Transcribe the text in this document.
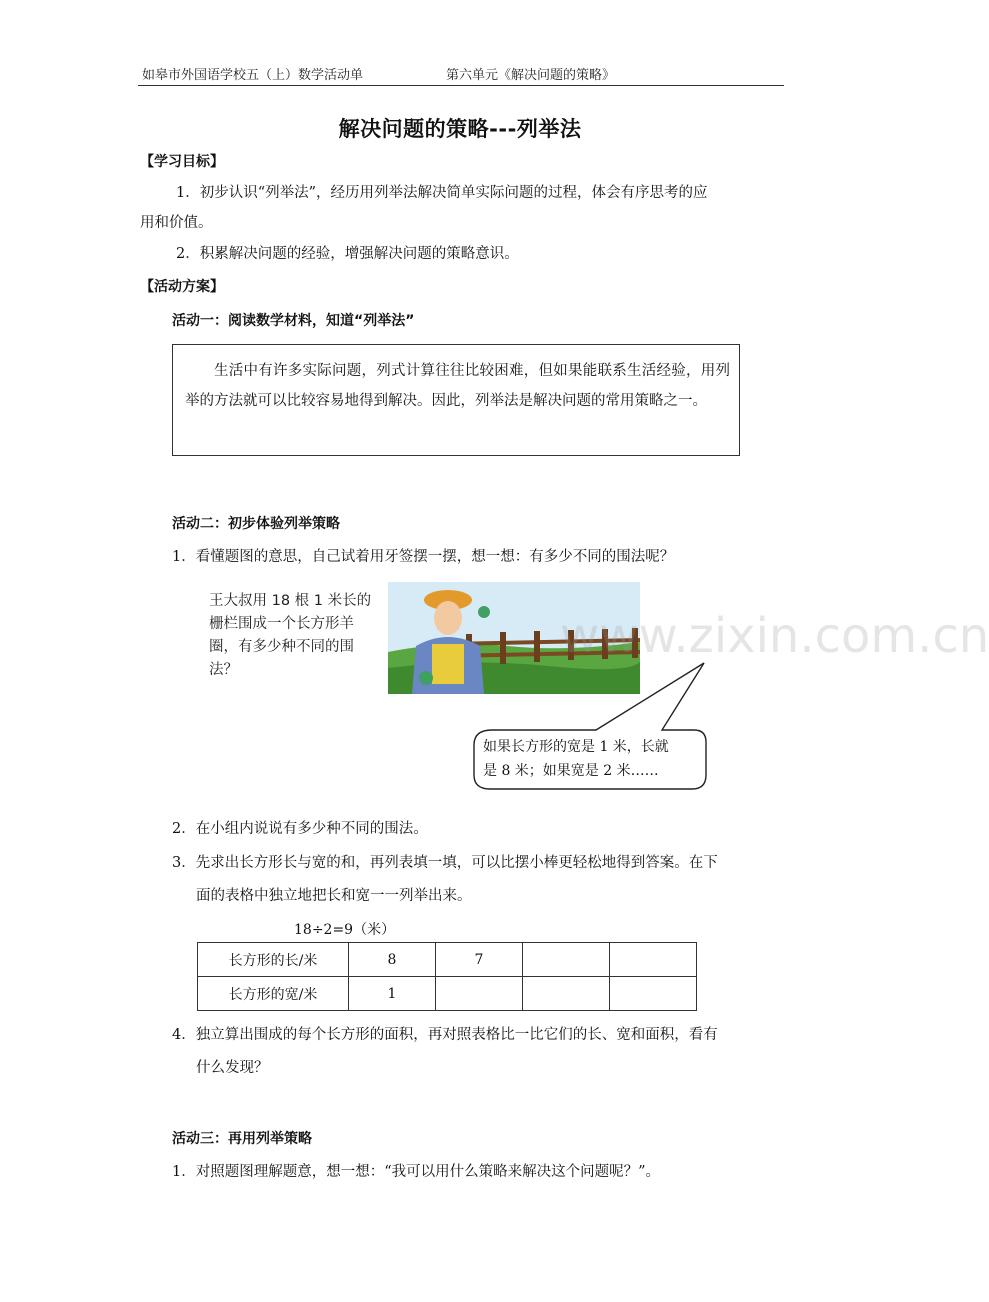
如皋市外国语学校五（上）数学活动单	第六单元《解决问题的策略》
解决问题的策略---列举法
【学习目标】
1．初步认识“列举法”，经历用列举法解决简单实际问题的过程，体会有序思考的应
用和价值。
2．积累解决问题的经验，增强解决问题的策略意识。
【活动方案】
活动一：阅读数学材料，知道“列举法”

生活中有许多实际问题，列式计算往往比较困难，但如果能联系生活经验，用列举的方法就可以比较容易地得到解决。因此，列举法是解决问题的常用策略之一。

活动二：初步体验列举策略
1．看懂题图的意思，自己试着用牙签摆一摆，想一想：有多少不同的围法呢？
王大叔用 18 根 1 米长的栅栏围成一个长方形羊圈，有多少种不同的围法？
www.zixin.com.cn
如果长方形的宽是 1 米，长就
是 8 米；如果宽是 2 米……
2．在小组内说说有多少种不同的围法。
3．先求出长方形长与宽的和，再列表填一填，可以比摆小棒更轻松地得到答案。在下
面的表格中独立地把长和宽一一列举出来。
18÷2=9（米）
长方形的长/米	8	7		
长方形的宽/米	1			
4．独立算出围成的每个长方形的面积，再对照表格比一比它们的长、宽和面积，看有
什么发现？
活动三：再用列举策略
1．对照题图理解题意，想一想：“我可以用什么策略来解决这个问题呢？”。
